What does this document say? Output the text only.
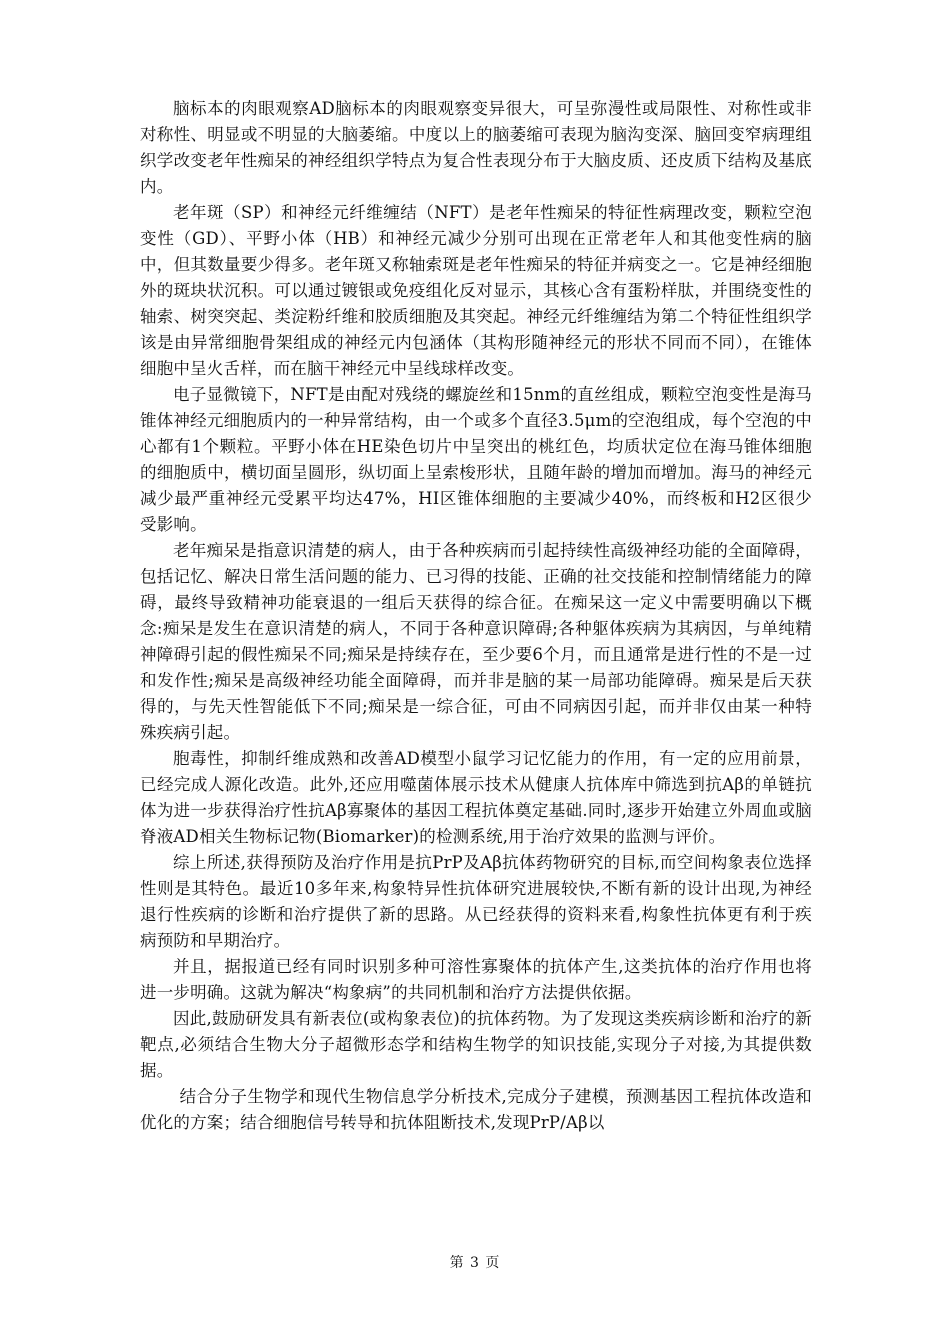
脑标本的肉眼观察AD脑标本的肉眼观察变异很大，可呈弥漫性或局限性、对称性或非对称性、明显或不明显的大脑萎缩。中度以上的脑萎缩可表现为脑沟变深、脑回变窄病理组织学改变老年性痴呆的神经组织学特点为复合性表现分布于大脑皮质、还皮质下结构及基底内。

老年斑（SP）和神经元纤维缠结（NFT）是老年性痴呆的特征性病理改变，颗粒空泡变性（GD）、平野小体（HB）和神经元减少分别可出现在正常老年人和其他变性病的脑中，但其数量要少得多。老年斑又称轴索斑是老年性痴呆的特征并病变之一。它是神经细胞外的斑块状沉积。可以通过镀银或免疫组化反对显示，其核心含有蛋粉样肽，并围绕变性的轴索、树突突起、类淀粉纤维和胶质细胞及其突起。神经元纤维缠结为第二个特征性组织学该是由异常细胞骨架组成的神经元内包涵体（其构形随神经元的形状不同而不同），在锥体细胞中呈火舌样，而在脑干神经元中呈线球样改变。

电子显微镜下，NFT是由配对残绕的螺旋丝和15nm的直丝组成，颗粒空泡变性是海马锥体神经元细胞质内的一种异常结构，由一个或多个直径3.5μm的空泡组成，每个空泡的中心都有1个颗粒。平野小体在HE染色切片中呈突出的桃红色，均质状定位在海马锥体细胞的细胞质中，横切面呈圆形，纵切面上呈索梭形状，且随年龄的增加而增加。海马的神经元减少最严重神经元受累平均达47%，HI区锥体细胞的主要减少40%，而终板和H2区很少受影响。

老年痴呆是指意识清楚的病人，由于各种疾病而引起持续性高级神经功能的全面障碍，包括记忆、解决日常生活问题的能力、已习得的技能、正确的社交技能和控制情绪能力的障碍，最终导致精神功能衰退的一组后天获得的综合征。在痴呆这一定义中需要明确以下概念:痴呆是发生在意识清楚的病人，不同于各种意识障碍;各种躯体疾病为其病因，与单纯精神障碍引起的假性痴呆不同;痴呆是持续存在，至少要6个月，而且通常是进行性的不是一过和发作性;痴呆是高级神经功能全面障碍，而并非是脑的某一局部功能障碍。痴呆是后天获得的，与先天性智能低下不同;痴呆是一综合征，可由不同病因引起，而并非仅由某一种特殊疾病引起。

胞毒性，抑制纤维成熟和改善AD模型小鼠学习记忆能力的作用，有一定的应用前景，已经完成人源化改造。此外,还应用噬菌体展示技术从健康人抗体库中筛选到抗Aβ的单链抗体为进一步获得治疗性抗Aβ寡聚体的基因工程抗体奠定基础.同时,逐步开始建立外周血或脑脊液AD相关生物标记物(Biomarker)的检测系统,用于治疗效果的监测与评价。

综上所述,获得预防及治疗作用是抗PrP及Aβ抗体药物研究的目标,而空间构象表位选择性则是其特色。最近10多年来,构象特异性抗体研究进展较快,不断有新的设计出现,为神经退行性疾病的诊断和治疗提供了新的思路。从已经获得的资料来看,构象性抗体更有利于疾病预防和早期治疗。

并且，据报道已经有同时识别多种可溶性寡聚体的抗体产生,这类抗体的治疗作用也将进一步明确。这就为解决“构象病”的共同机制和治疗方法提供依据。

因此,鼓励研发具有新表位(或构象表位)的抗体药物。为了发现这类疾病诊断和治疗的新靶点,必须结合生物大分子超微形态学和结构生物学的知识技能,实现分子对接,为其提供数据。

结合分子生物学和现代生物信息学分析技术,完成分子建模，预测基因工程抗体改造和优化的方案；结合细胞信号转导和抗体阻断技术,发现PrP/Aβ以

第 3 页
